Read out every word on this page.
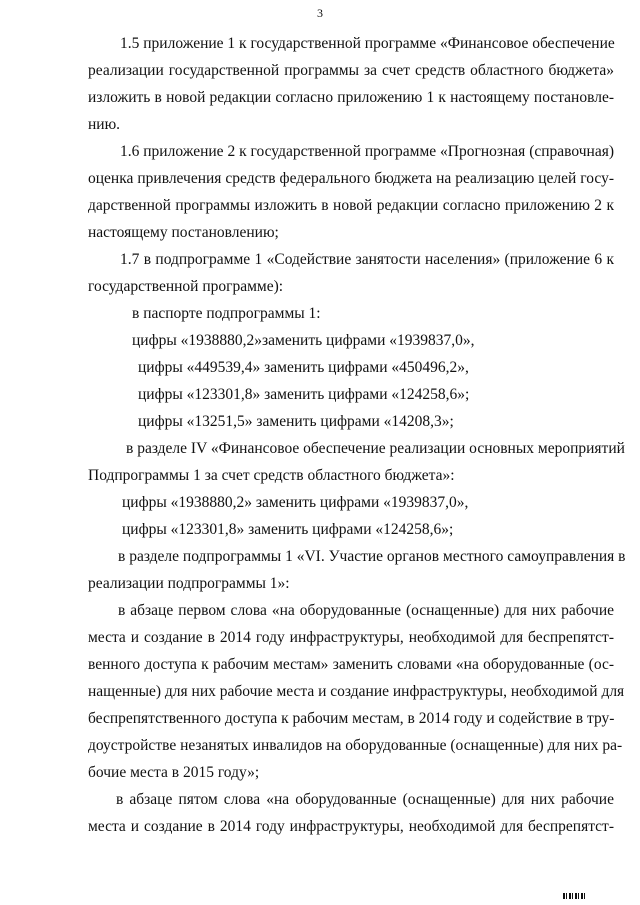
3
1.5 приложение 1 к государственной программе «Финансовое обеспечение
реализации государственной программы за счет средств областного бюджета»
изложить в новой редакции согласно приложению 1 к настоящему постановле-
нию.
1.6 приложение 2 к государственной программе «Прогнозная (справочная)
оценка привлечения средств федерального бюджета на реализацию целей госу-
дарственной программы изложить в новой редакции согласно приложению 2 к
настоящему постановлению;
1.7 в подпрограмме 1 «Содействие занятости населения» (приложение 6 к
государственной программе):
в паспорте подпрограммы 1:
цифры «1938880,2»заменить цифрами «1939837,0»,
цифры «449539,4» заменить цифрами «450496,2»,
цифры «123301,8» заменить цифрами «124258,6»;
цифры «13251,5» заменить цифрами «14208,3»;
в разделе IV «Финансовое обеспечение реализации основных мероприятий
Подпрограммы 1 за счет средств областного бюджета»:
цифры «1938880,2» заменить цифрами «1939837,0»,
цифры «123301,8» заменить цифрами «124258,6»;
в разделе подпрограммы 1 «VI. Участие органов местного самоуправления в
реализации подпрограммы 1»:
в абзаце первом слова «на оборудованные (оснащенные) для них рабочие
места и создание в 2014 году инфраструктуры, необходимой для беспрепятст-
венного доступа к рабочим местам» заменить словами «на оборудованные (ос-
нащенные) для них рабочие места и создание инфраструктуры, необходимой для
беспрепятственного доступа к рабочим местам, в 2014 году и содействие в тру-
доустройстве незанятых инвалидов на оборудованные (оснащенные) для них ра-
бочие места в 2015 году»;
в абзаце пятом слова «на оборудованные (оснащенные) для них рабочие
места и создание в 2014 году инфраструктуры, необходимой для беспрепятст-
